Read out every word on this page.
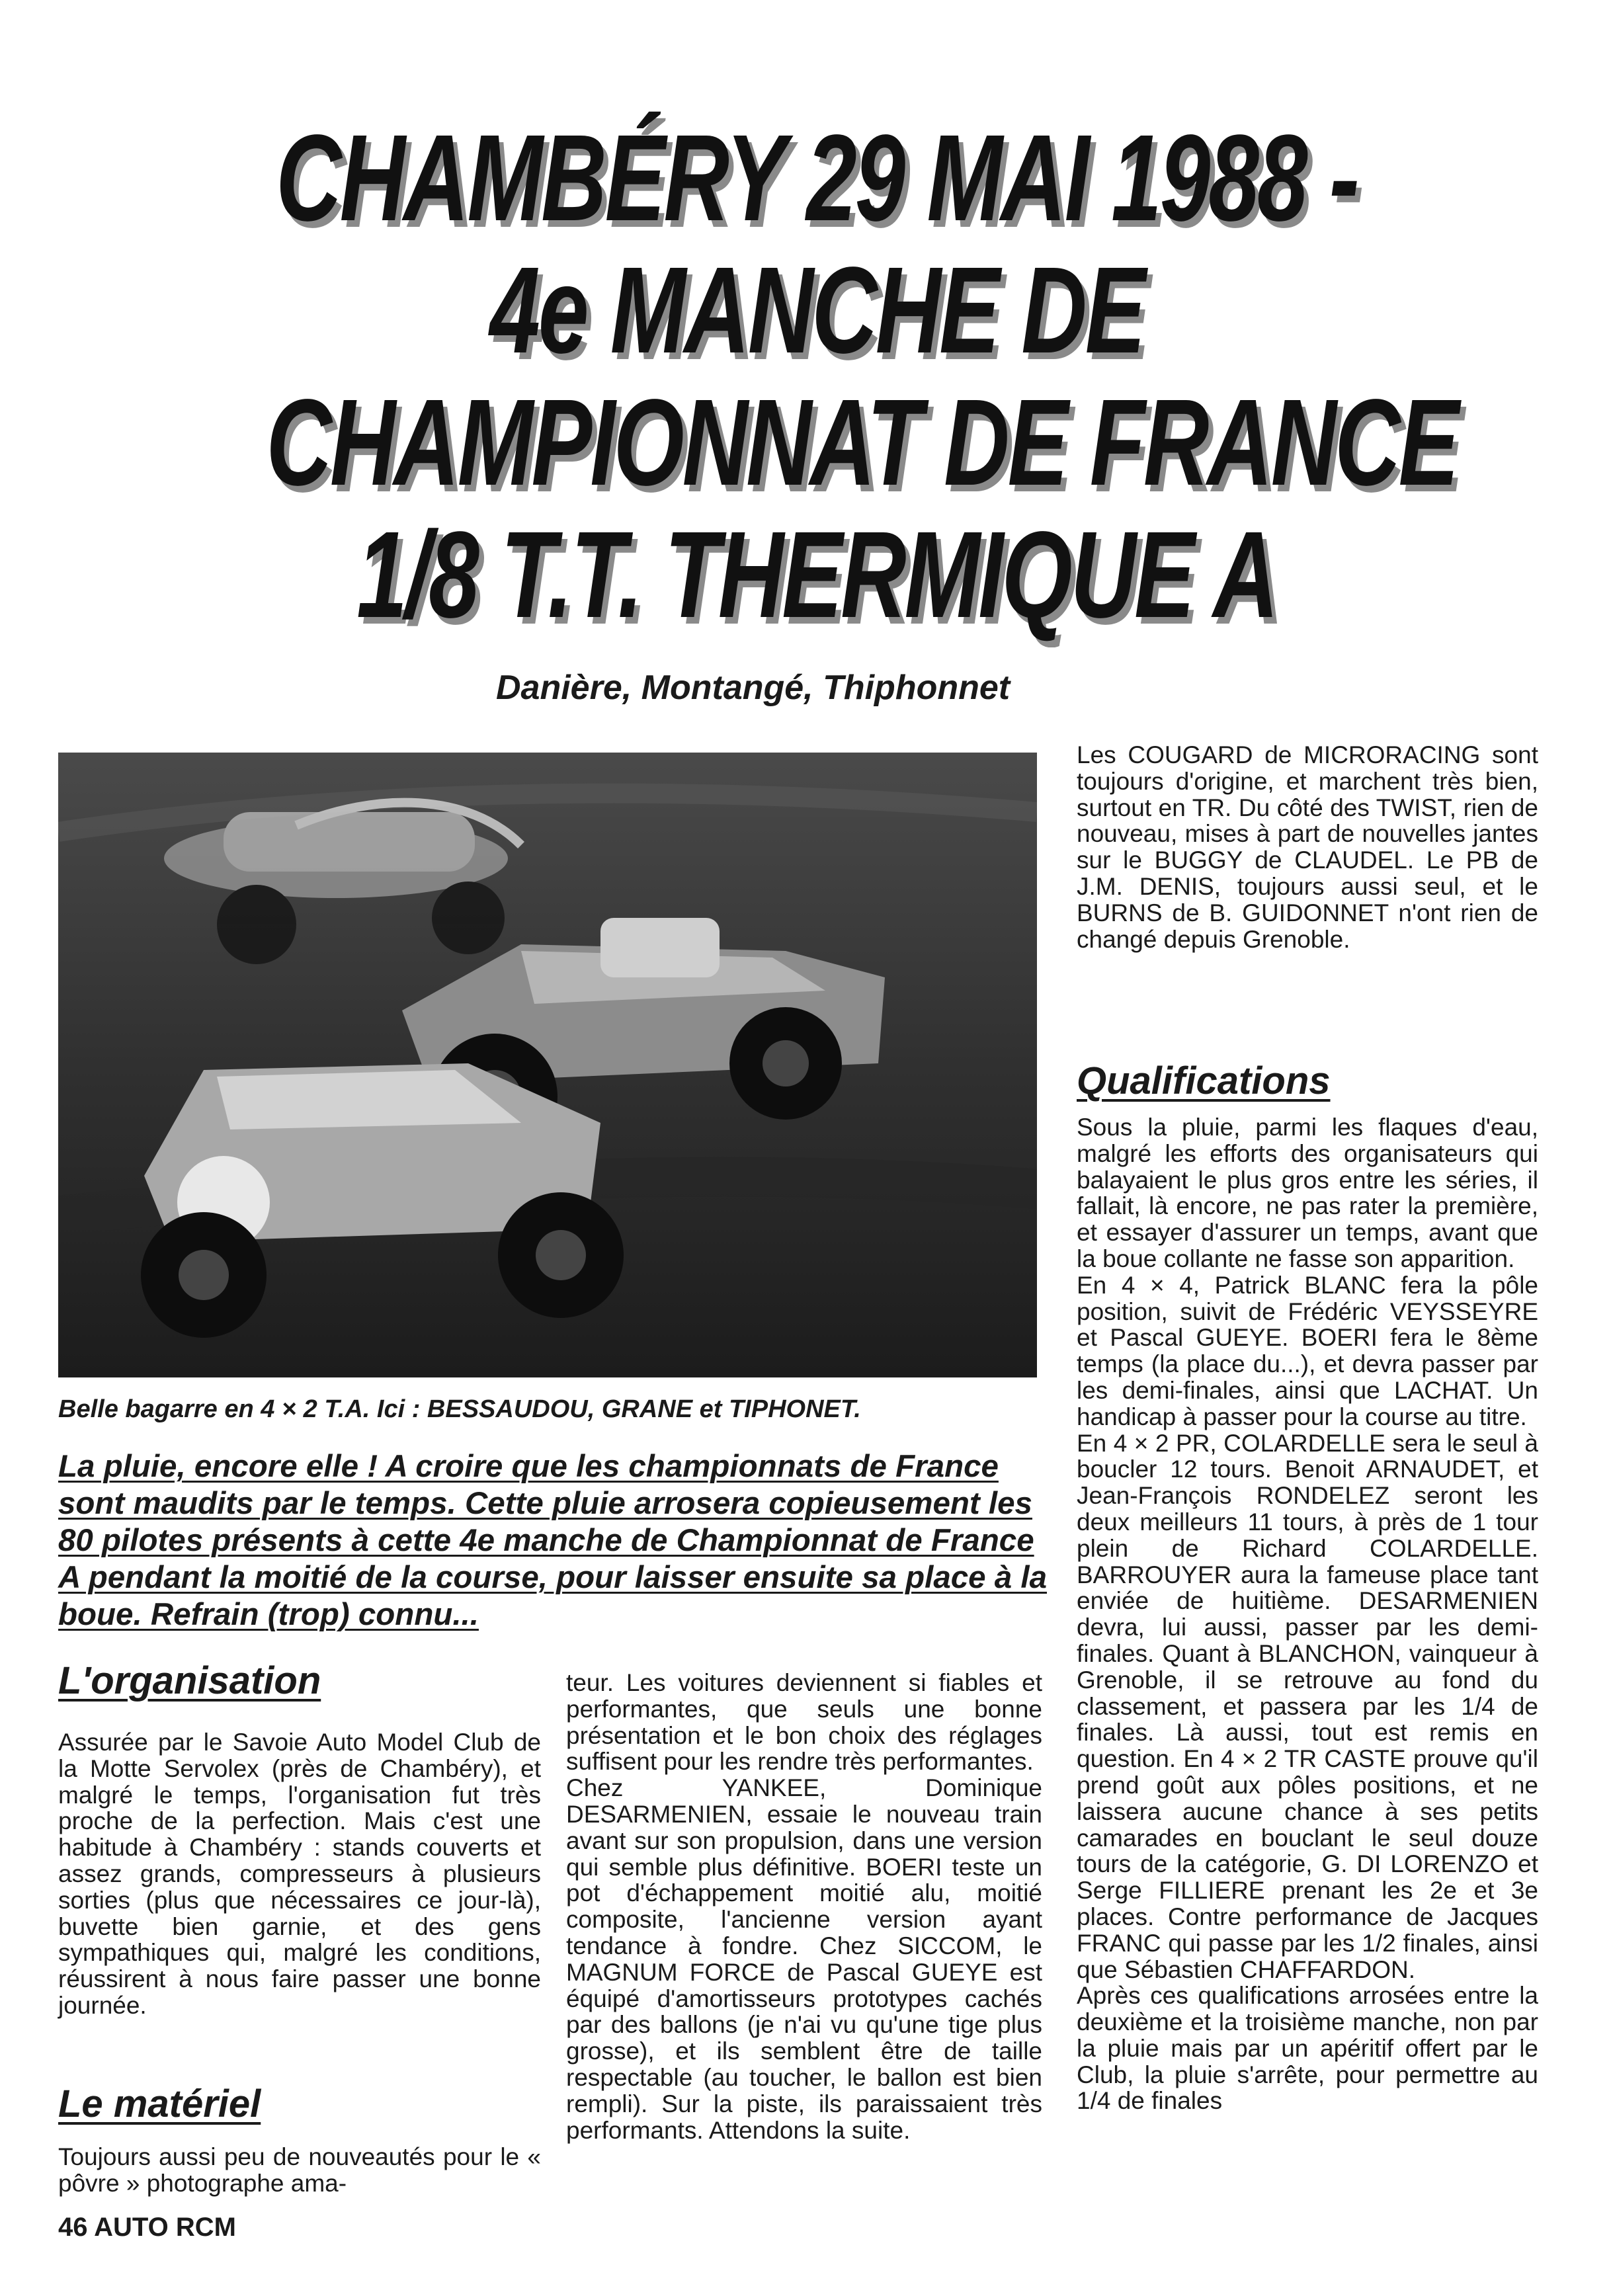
CHAMBÉRY 29 MAI 1988 -
4e MANCHE DE
CHAMPIONNAT DE FRANCE
1/8 T.T. THERMIQUE A
Danière, Montangé, Thiphonnet
Belle bagarre en 4 × 2 T.A. Ici : BESSAUDOU, GRANE et TIPHONET.
La pluie, encore elle ! A croire que les championnats de France sont maudits par le temps. Cette pluie arrosera copieusement les 80 pilotes présents à cette 4e manche de Championnat de France A pendant la moitié de la course, pour laisser ensuite sa place à la boue. Refrain (trop) connu...
L'organisation

Assurée par le Savoie Auto Model Club de la Motte Servolex (près de Chambéry), et malgré le temps, l'organisation fut très proche de la perfection. Mais c'est une habitude à Chambéry : stands couverts et assez grands, compresseurs à plusieurs sorties (plus que nécessaires ce jour-là), buvette bien garnie, et des gens sympathiques qui, malgré les conditions, réussirent à nous faire passer une bonne journée.

Le matériel

Toujours aussi peu de nouveautés pour le « pôvre » photographe ama-

teur. Les voitures deviennent si fiables et performantes, que seuls une bonne présentation et le bon choix des réglages suffisent pour les rendre très performantes.

Chez YANKEE, Dominique DESARMENIEN, essaie le nouveau train avant sur son propulsion, dans une version qui semble plus définitive. BOERI teste un pot d'échappement moitié alu, moitié composite, l'ancienne version ayant tendance à fondre. Chez SICCOM, le MAGNUM FORCE de Pascal GUEYE est équipé d'amortisseurs prototypes cachés par des ballons (je n'ai vu qu'une tige plus grosse), et ils semblent être de taille respectable (au toucher, le ballon est bien rempli). Sur la piste, ils paraissaient très performants. Attendons la suite.

Les COUGARD de MICRORACING sont toujours d'origine, et marchent très bien, surtout en TR. Du côté des TWIST, rien de nouveau, mises à part de nouvelles jantes sur le BUGGY de CLAUDEL. Le PB de J.M. DENIS, toujours aussi seul, et le BURNS de B. GUIDONNET n'ont rien de changé depuis Grenoble.

Qualifications

Sous la pluie, parmi les flaques d'eau, malgré les efforts des organisateurs qui balayaient le plus gros entre les séries, il fallait, là encore, ne pas rater la première, et essayer d'assurer un temps, avant que la boue collante ne fasse son apparition.

En 4 × 4, Patrick BLANC fera la pôle position, suivit de Frédéric VEYSSEYRE et Pascal GUEYE. BOERI fera le 8ème temps (la place du...), et devra passer par les demi-finales, ainsi que LACHAT. Un handicap à passer pour la course au titre.

En 4 × 2 PR, COLARDELLE sera le seul à boucler 12 tours. Benoit ARNAUDET, et Jean-François RONDELEZ seront les deux meilleurs 11 tours, à près de 1 tour plein de Richard COLARDELLE. BARROUYER aura la fameuse place tant enviée de huitième. DESARMENIEN devra, lui aussi, passer par les demi-finales. Quant à BLANCHON, vainqueur à Grenoble, il se retrouve au fond du classement, et passera par les 1/4 de finales. Là aussi, tout est remis en question. En 4 × 2 TR CASTE prouve qu'il prend goût aux pôles positions, et ne laissera aucune chance à ses petits camarades en bouclant le seul douze tours de la catégorie, G. DI LORENZO et Serge FILLIERE prenant les 2e et 3e places. Contre performance de Jacques FRANC qui passe par les 1/2 finales, ainsi que Sébastien CHAFFARDON.

Après ces qualifications arrosées entre la deuxième et la troisième manche, non par la pluie mais par un apéritif offert par le Club, la pluie s'arrête, pour permettre au 1/4 de finales

46 AUTO RCM
